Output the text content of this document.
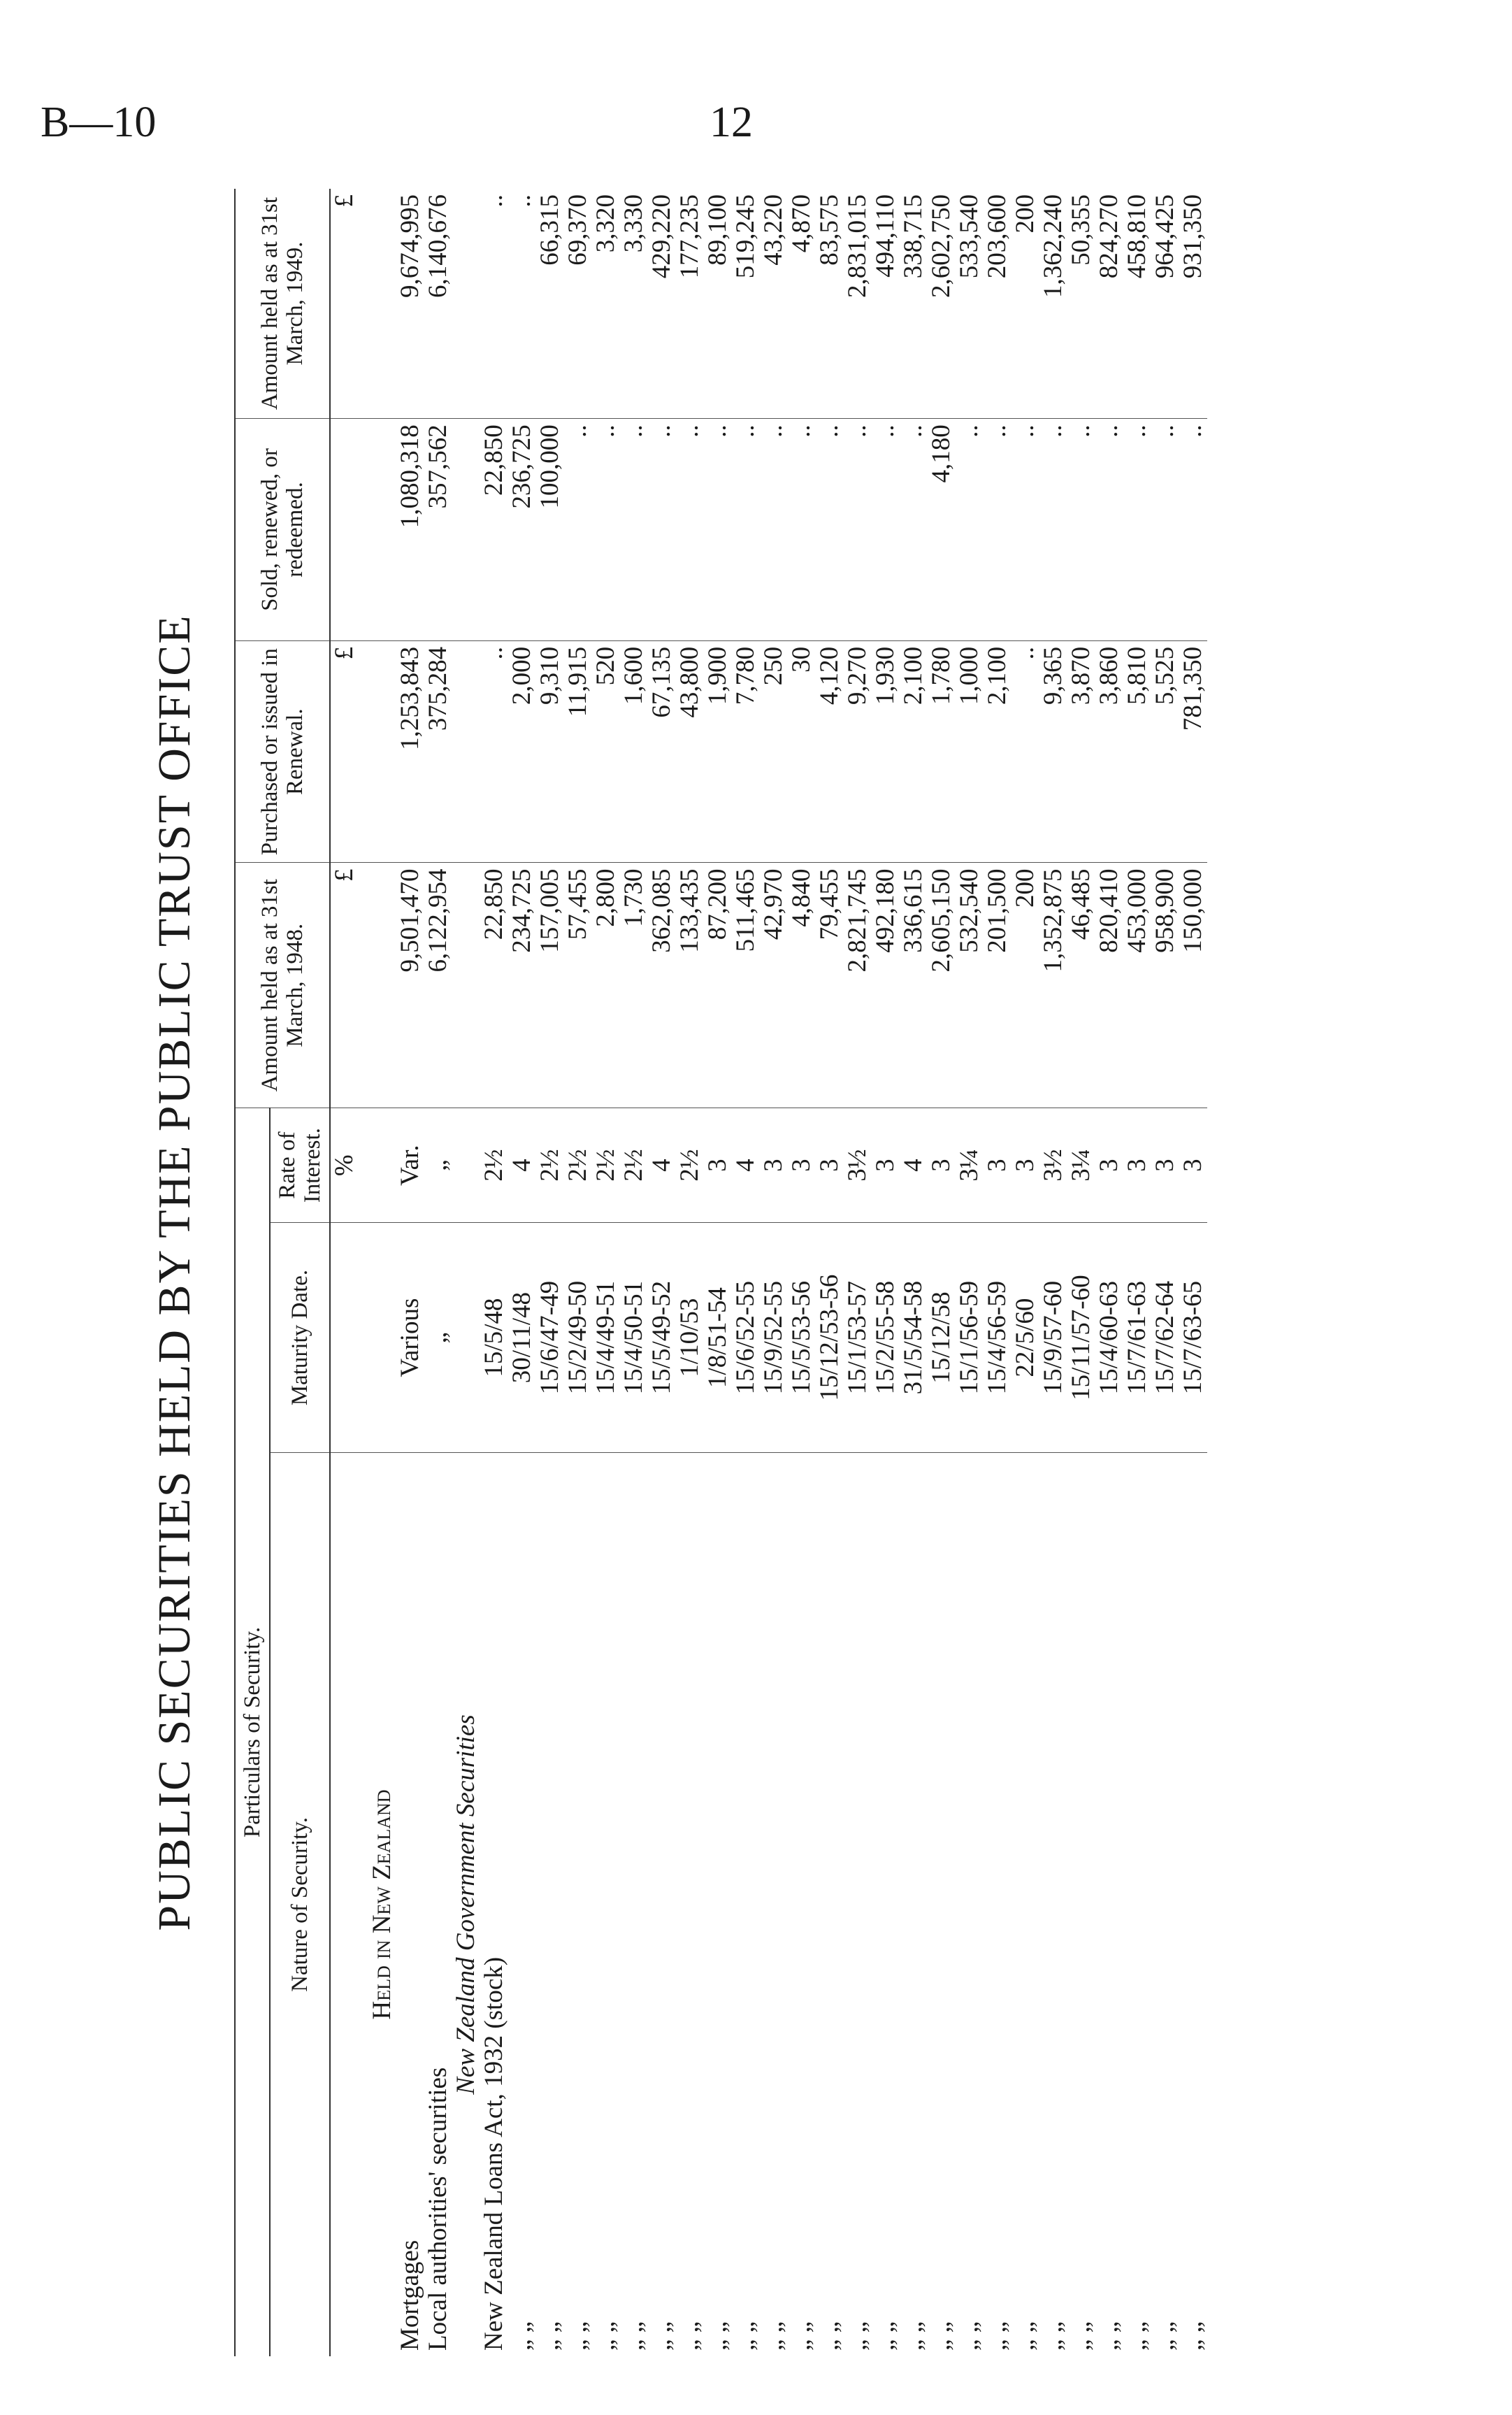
B—10	12
PUBLIC SECURITIES HELD BY THE PUBLIC TRUST OFFICE	Particulars of Security.			Amount held as at 31st March, 1948.	Purchased or issued in Renewal.	Sold, renewed, or redeemed.	Amount held as at 31st March, 1949.
Nature of Security.	Maturity Date.	Rate of Interest.				
		%	£	£		£
Held in New Zealand						
Mortgages	Various	Var.	9,501,470	1,253,843	1,080,318	9,674,995
Local authorities' securities	„	„	6,122,954	375,284	357,562	6,140,676
New Zealand Government Securities						
New Zealand Loans Act, 1932 (stock)	15/5/48	2½	22,850	..	22,850	..
„ „	30/11/48	4	234,725	2,000	236,725	..
„ „	15/6/47-49	2½	157,005	9,310	100,000	66,315
„ „	15/2/49-50	2½	57,455	11,915	..	69,370
„ „	15/4/49-51	2½	2,800	520	..	3,320
„ „	15/4/50-51	2½	1,730	1,600	..	3,330
„ „	15/5/49-52	4	362,085	67,135	..	429,220
„ „	1/10/53	2½	133,435	43,800	..	177,235
„ „	1/8/51-54	3	87,200	1,900	..	89,100
„ „	15/6/52-55	4	511,465	7,780	..	519,245
„ „	15/9/52-55	3	42,970	250	..	43,220
„ „	15/5/53-56	3	4,840	30	..	4,870
„ „	15/12/53-56	3	79,455	4,120	..	83,575
„ „	15/1/53-57	3½	2,821,745	9,270	..	2,831,015
„ „	15/2/55-58	3	492,180	1,930	..	494,110
„ „	31/5/54-58	4	336,615	2,100	..	338,715
„ „	15/12/58	3	2,605,150	1,780	4,180	2,602,750
„ „	15/1/56-59	3¼	532,540	1,000	..	533,540
„ „	15/4/56-59	3	201,500	2,100	..	203,600
„ „	22/5/60	3	200	..	..	200
„ „	15/9/57-60	3½	1,352,875	9,365	..	1,362,240
„ „	15/11/57-60	3¼	46,485	3,870	..	50,355
„ „	15/4/60-63	3	820,410	3,860	..	824,270
„ „	15/7/61-63	3	453,000	5,810	..	458,810
„ „	15/7/62-64	3	958,900	5,525	..	964,425
„ „	15/7/63-65	3	150,000	781,350	..	931,350
